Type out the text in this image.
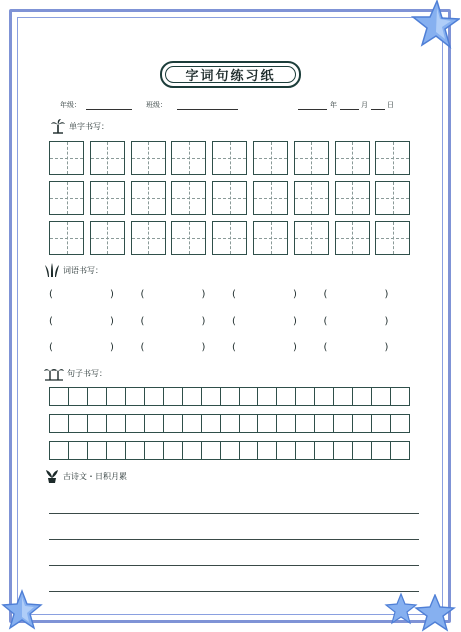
字词句练习纸
年级：	班级：	年	月	日
单字书写：
词语书写：
(	)	(	)	(	)	(	)
(	)	(	)	(	)	(	)
(	)	(	)	(	)	(	)
句子书写：
古诗文・日积月累
